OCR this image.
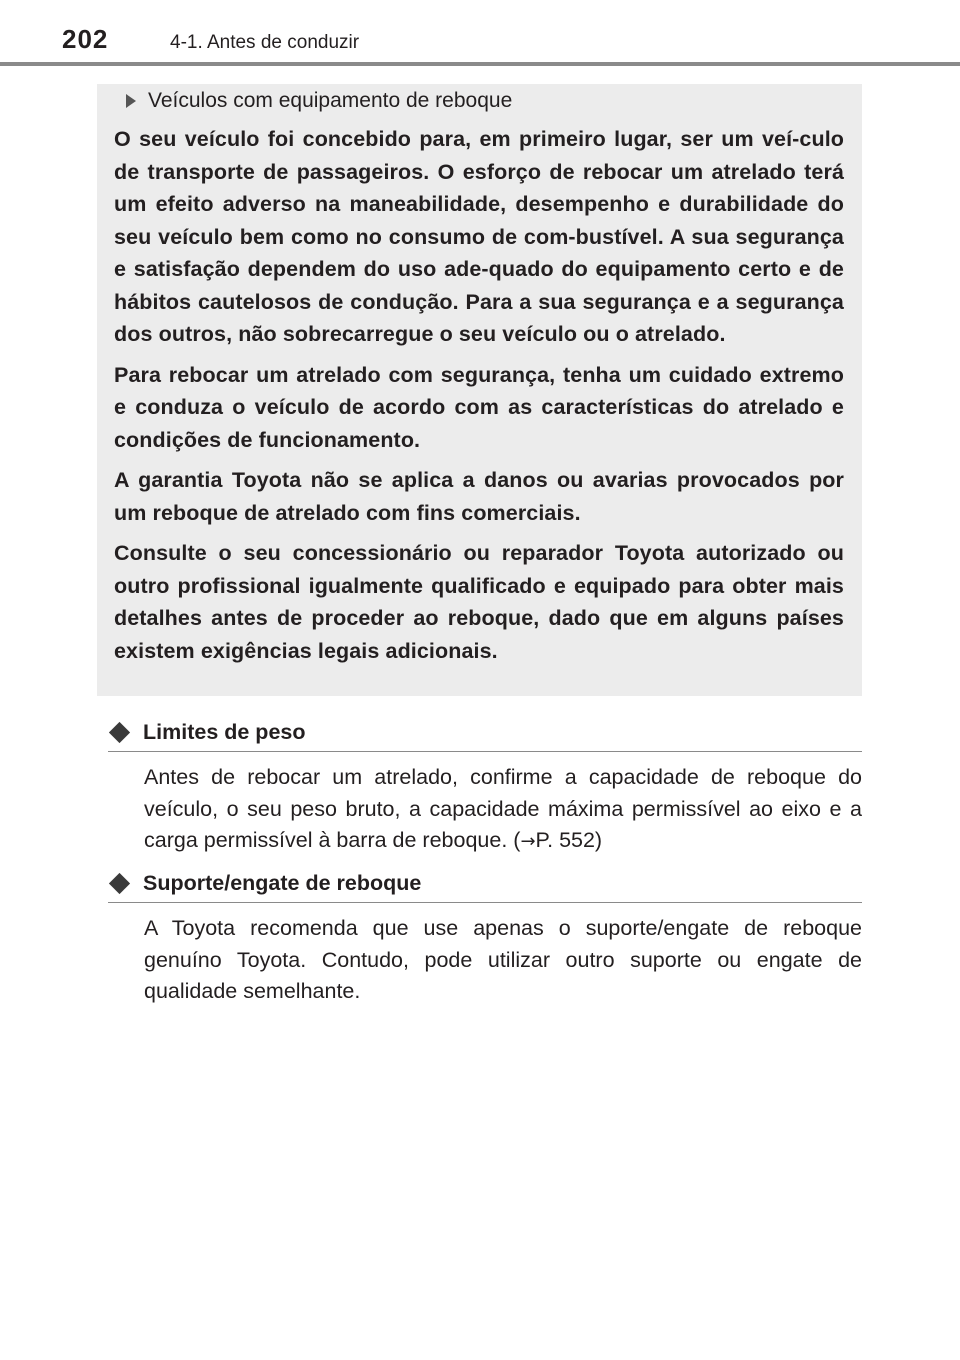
202	4-1. Antes de conduzir
Veículos com equipamento de reboque

O seu veículo foi concebido para, em primeiro lugar, ser um veí-culo de transporte de passageiros. O esforço de rebocar um atrelado terá um efeito adverso na maneabilidade, desempenho e durabilidade do seu veículo bem como no consumo de com-bustível. A sua segurança e satisfação dependem do uso ade-quado do equipamento certo e de hábitos cautelosos de condução. Para a sua segurança e a segurança dos outros, não sobrecarregue o seu veículo ou o atrelado.

Para rebocar um atrelado com segurança, tenha um cuidado extremo e conduza o veículo de acordo com as características do atrelado e condições de funcionamento.

A garantia Toyota não se aplica a danos ou avarias provocados por um reboque de atrelado com fins comerciais.

Consulte o seu concessionário ou reparador Toyota autorizado ou outro profissional igualmente qualificado e equipado para obter mais detalhes antes de proceder ao reboque, dado que em alguns países existem exigências legais adicionais.

Limites de peso

Antes de rebocar um atrelado, confirme a capacidade de reboque do veículo, o seu peso bruto, a capacidade máxima permissível ao eixo e a carga permissível à barra de reboque. (→P. 552)

Suporte/engate de reboque

A Toyota recomenda que use apenas o suporte/engate de reboque genuíno Toyota. Contudo, pode utilizar outro suporte ou engate de qualidade semelhante.
